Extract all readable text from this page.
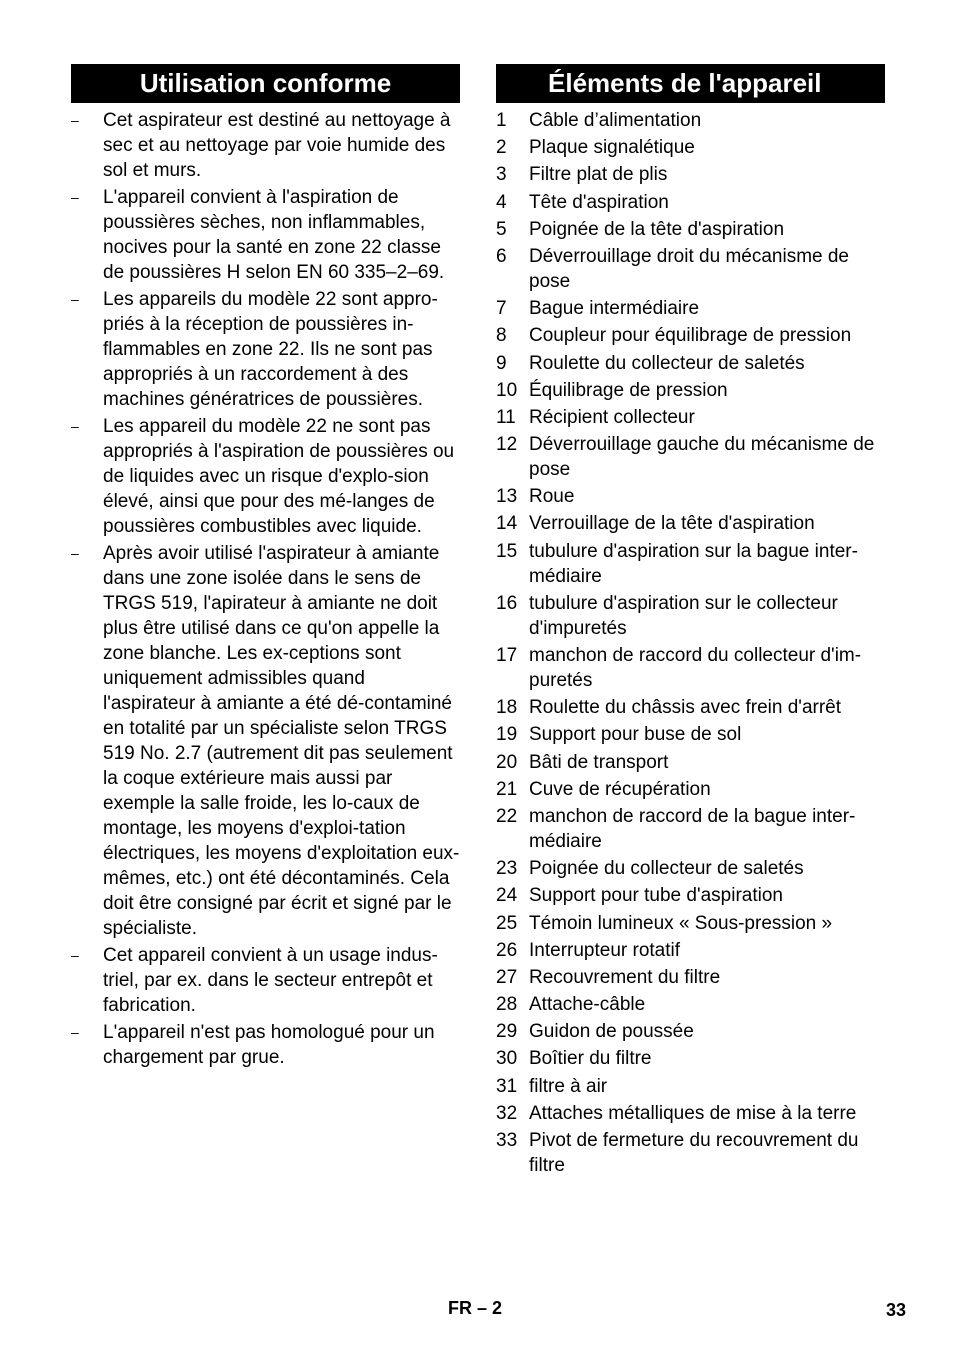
Utilisation conforme
– Cet aspirateur est destiné au nettoyage à sec et au nettoyage par voie humide des sol et murs.
– L'appareil convient à l'aspiration de poussières sèches, non inflammables, nocives pour la santé en zone 22 classe de poussières H selon EN 60 335–2–69.
– Les appareils du modèle 22 sont appro-priés à la réception de poussières in-flammables en zone 22. Ils ne sont pas appropriés à un raccordement à des machines génératrices de poussières.
– Les appareil du modèle 22 ne sont pas appropriés à l'aspiration de poussières ou de liquides avec un risque d'explo-sion élevé, ainsi que pour des mé-langes de poussières combustibles avec liquide.
– Après avoir utilisé l'aspirateur à amiante dans une zone isolée dans le sens de TRGS 519, l'apirateur à amiante ne doit plus être utilisé dans ce qu'on appelle la zone blanche. Les ex-ceptions sont uniquement admissibles quand l'aspirateur à amiante a été dé-contaminé en totalité par un spécialiste selon TRGS 519 No. 2.7 (autrement dit pas seulement la coque extérieure mais aussi par exemple la salle froide, les lo-caux de montage, les moyens d'exploi-tation électriques, les moyens d'exploitation eux-mêmes, etc.) ont été décontaminés. Cela doit être consigné par écrit et signé par le spécialiste.
– Cet appareil convient à un usage indus-triel, par ex. dans le secteur entrepôt et fabrication.
– L'appareil n'est pas homologué pour un chargement par grue.
Éléments de l'appareil
1 Câble d’alimentation
2 Plaque signalétique
3 Filtre plat de plis
4 Tête d'aspiration
5 Poignée de la tête d'aspiration
6 Déverrouillage droit du mécanisme de pose
7 Bague intermédiaire
8 Coupleur pour équilibrage de pression
9 Roulette du collecteur de saletés
10 Équilibrage de pression
11 Récipient collecteur
12 Déverrouillage gauche du mécanisme de pose
13 Roue
14 Verrouillage de la tête d'aspiration
15 tubulure d'aspiration sur la bague inter-médiaire
16 tubulure d'aspiration sur le collecteur d'impuretés
17 manchon de raccord du collecteur d'im-puretés
18 Roulette du châssis avec frein d'arrêt
19 Support pour buse de sol
20 Bâti de transport
21 Cuve de récupération
22 manchon de raccord de la bague inter-médiaire
23 Poignée du collecteur de saletés
24 Support pour tube d'aspiration
25 Témoin lumineux « Sous-pression »
26 Interrupteur rotatif
27 Recouvrement du filtre
28 Attache-câble
29 Guidon de poussée
30 Boîtier du filtre
31 filtre à air
32 Attaches métalliques de mise à la terre
33 Pivot de fermeture du recouvrement du filtre
FR – 2	33
